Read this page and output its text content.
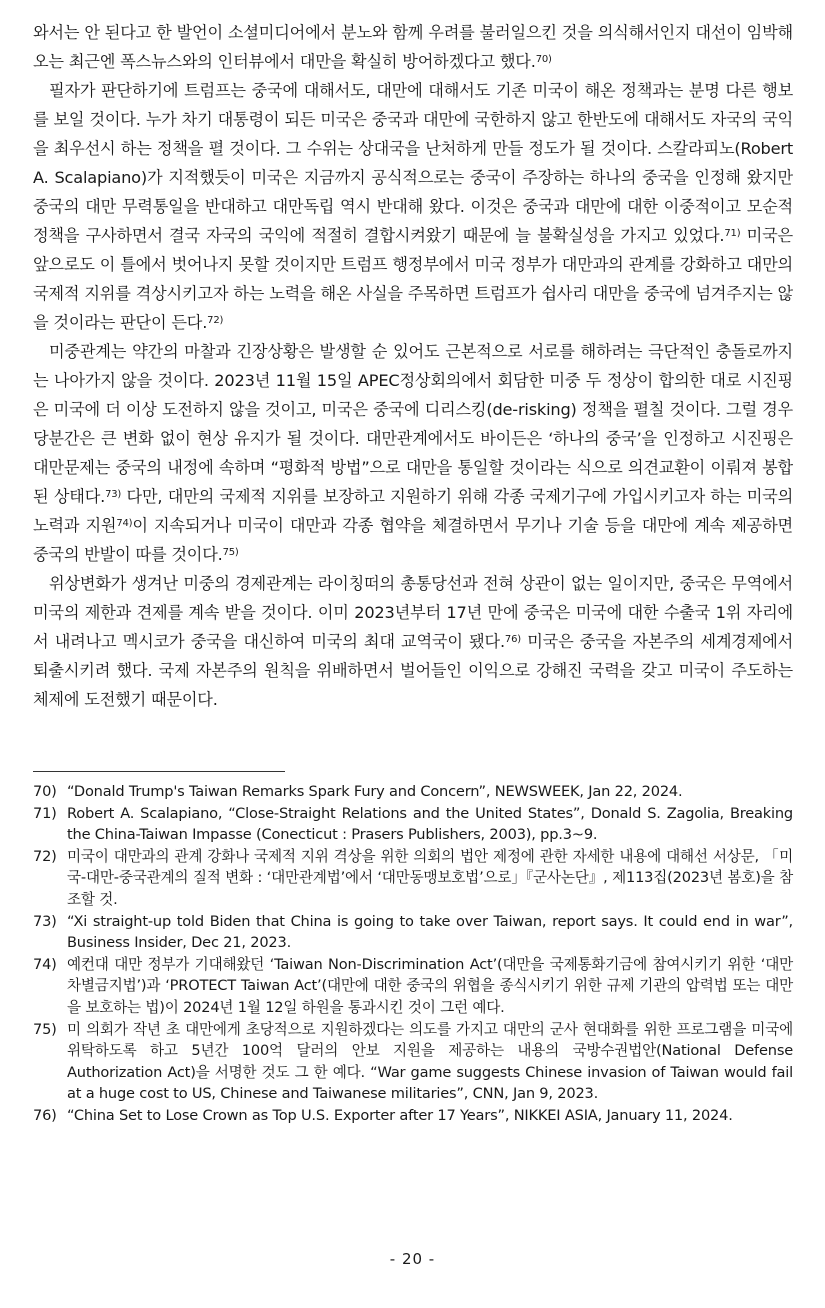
와서는 안 된다고 한 발언이 소셜미디어에서 분노와 함께 우려를 불러일으킨 것을 의식해서인지 대선이 임박해오는 최근엔 폭스뉴스와의 인터뷰에서 대만을 확실히 방어하겠다고 했다.$^{70)}$

필자가 판단하기에 트럼프는 중국에 대해서도, 대만에 대해서도 기존 미국이 해온 정책과는 분명 다른 행보를 보일 것이다. 누가 차기 대통령이 되든 미국은 중국과 대만에 국한하지 않고 한반도에 대해서도 자국의 국익을 최우선시 하는 정책을 펼 것이다. 그 수위는 상대국을 난처하게 만들 정도가 될 것이다. 스칼라피노(Robert A. Scalapiano)가 지적했듯이 미국은 지금까지 공식적으로는 중국이 주장하는 하나의 중국을 인정해 왔지만 중국의 대만 무력통일을 반대하고 대만독립 역시 반대해 왔다. 이것은 중국과 대만에 대한 이중적이고 모순적 정책을 구사하면서 결국 자국의 국익에 적절히 결합시켜왔기 때문에 늘 불확실성을 가지고 있었다.$^{71)}$ 미국은 앞으로도 이 틀에서 벗어나지 못할 것이지만 트럼프 행정부에서 미국 정부가 대만과의 관계를 강화하고 대만의 국제적 지위를 격상시키고자 하는 노력을 해온 사실을 주목하면 트럼프가 쉽사리 대만을 중국에 넘겨주지는 않을 것이라는 판단이 든다.$^{72)}$

미중관계는 약간의 마찰과 긴장상황은 발생할 순 있어도 근본적으로 서로를 해하려는 극단적인 충돌로까지는 나아가지 않을 것이다. 2023년 11월 15일 APEC정상회의에서 회담한 미중 두 정상이 합의한 대로 시진핑은 미국에 더 이상 도전하지 않을 것이고, 미국은 중국에 디리스킹(de-risking) 정책을 펼칠 것이다. 그럴 경우 당분간은 큰 변화 없이 현상 유지가 될 것이다. 대만관계에서도 바이든은 ‘하나의 중국’을 인정하고 시진핑은 대만문제는 중국의 내정에 속하며 “평화적 방법”으로 대만을 통일할 것이라는 식으로 의견교환이 이뤄져 봉합된 상태다.$^{73)}$ 다만, 대만의 국제적 지위를 보장하고 지원하기 위해 각종 국제기구에 가입시키고자 하는 미국의 노력과 지원$^{74)}$이 지속되거나 미국이 대만과 각종 협약을 체결하면서 무기나 기술 등을 대만에 계속 제공하면 중국의 반발이 따를 것이다.$^{75)}$

위상변화가 생겨난 미중의 경제관계는 라이칭떠의 총통당선과 전혀 상관이 없는 일이지만, 중국은 무역에서 미국의 제한과 견제를 계속 받을 것이다. 이미 2023년부터 17년 만에 중국은 미국에 대한 수출국 1위 자리에서 내려나고 멕시코가 중국을 대신하여 미국의 최대 교역국이 됐다.$^{76)}$ 미국은 중국을 자본주의 세계경제에서 퇴출시키려 했다. 국제 자본주의 원칙을 위배하면서 벌어들인 이익으로 강해진 국력을 갖고 미국이 주도하는 체제에 도전했기 때문이다.

70) “Donald Trump's Taiwan Remarks Spark Fury and Concern”, NEWSWEEK, Jan 22, 2024.
71) Robert A. Scalapiano, “Close-Straight Relations and the United States”, Donald S. Zagolia, Breaking the China-Taiwan Impasse (Conecticut : Prasers Publishers, 2003), pp.3~9.
72) 미국이 대만과의 관계 강화나 국제적 지위 격상을 위한 의회의 법안 제정에 관한 자세한 내용에 대해선 서상문, 「미국-대만-중국관계의 질적 변화 : ‘대만관계법’에서 ‘대만동맹보호법’으로」『군사논단』, 제113집(2023년 봄호)을 참조할 것.
73) “Xi straight-up told Biden that China is going to take over Taiwan, report says. It could end in war”, Business Insider, Dec 21, 2023.
74) 예컨대 대만 정부가 기대해왔던 ‘Taiwan Non-Discrimination Act’(대만을 국제통화기금에 참여시키기 위한 ‘대만 차별금지법’)과 ‘PROTECT Taiwan Act’(대만에 대한 중국의 위협을 종식시키기 위한 규제 기관의 압력법 또는 대만을 보호하는 법)이 2024년 1월 12일 하원을 통과시킨 것이 그런 예다.
75) 미 의회가 작년 초 대만에게 초당적으로 지원하겠다는 의도를 가지고 대만의 군사 현대화를 위한 프로그램을 미국에 위탁하도록 하고 5년간 100억 달러의 안보 지원을 제공하는 내용의 국방수권법안(National Defense Authorization Act)을 서명한 것도 그 한 예다. “War game suggests Chinese invasion of Taiwan would fail at a huge cost to US, Chinese and Taiwanese militaries”, CNN, Jan 9, 2023.
76) “China Set to Lose Crown as Top U.S. Exporter after 17 Years”, NIKKEI ASIA, January 11, 2024.
- 20 -
